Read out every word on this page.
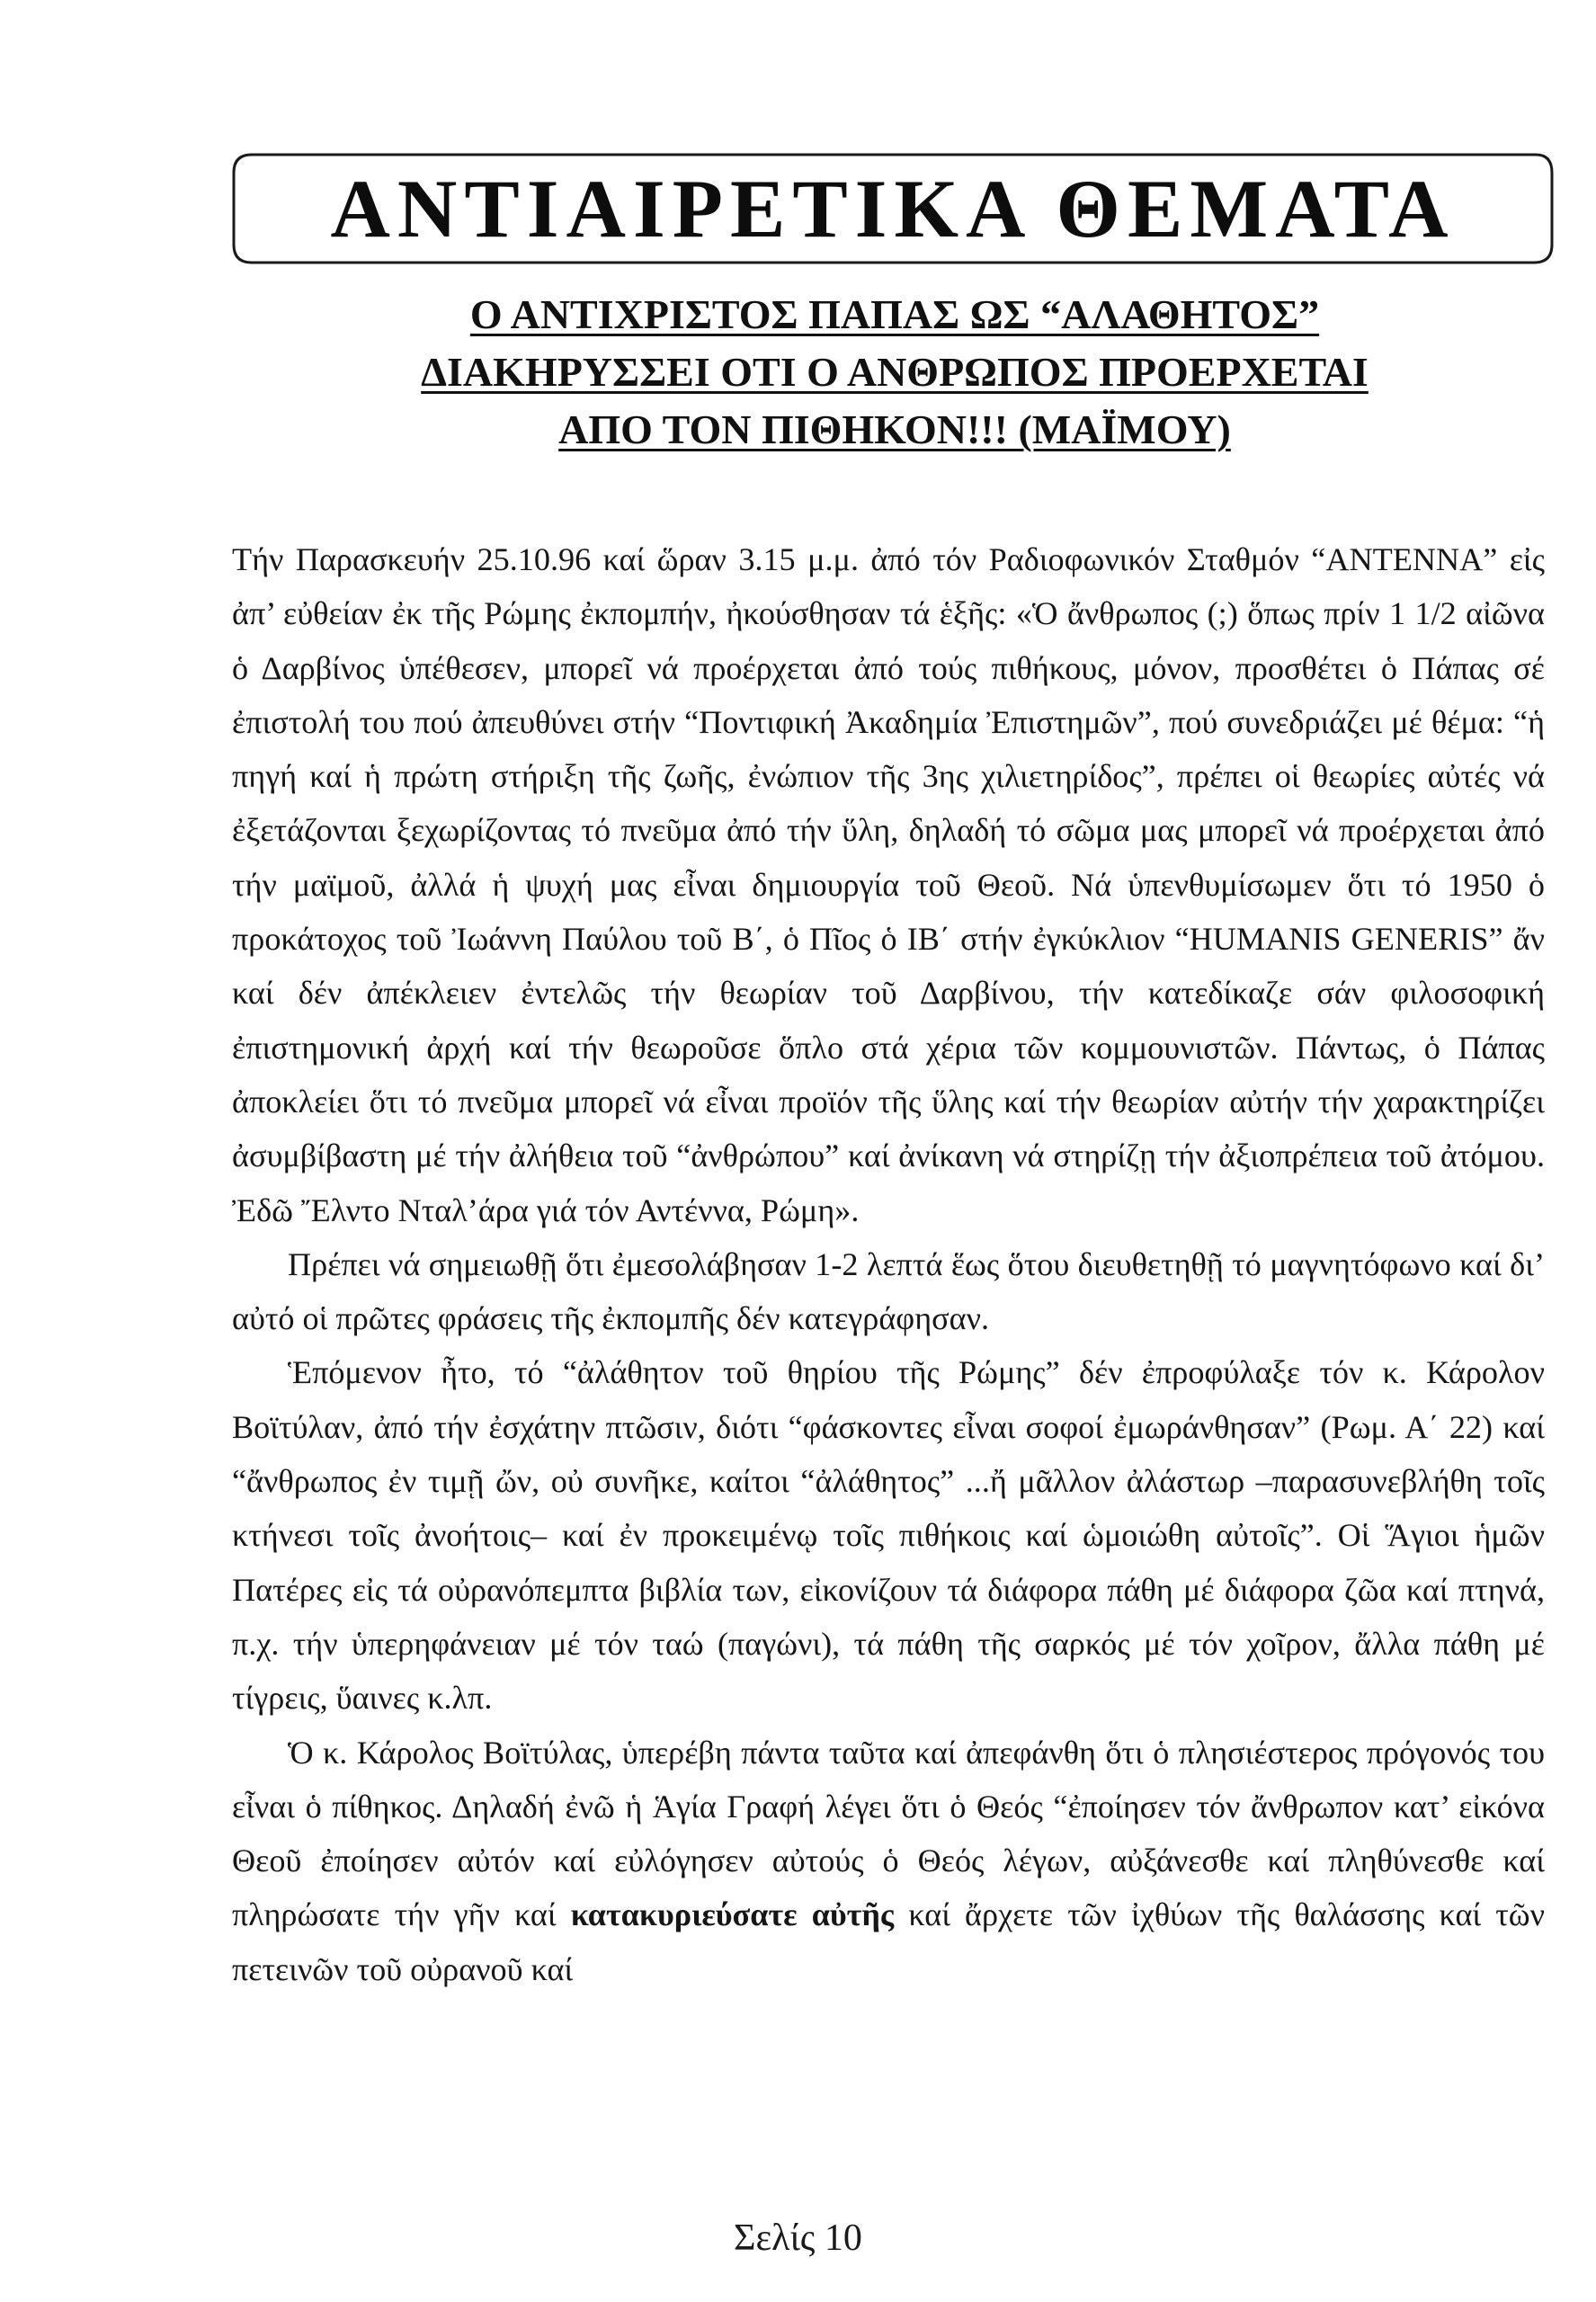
ΑΝΤΙΑΙΡΕΤΙΚΑ ΘΕΜΑΤΑ
Ο ΑΝΤΙΧΡΙΣΤΟΣ ΠΑΠΑΣ ΩΣ “ΑΛΑΘΗΤΟΣ”
ΔΙΑΚΗΡΥΣΣΕΙ ΟΤΙ Ο ΑΝΘΡΩΠΟΣ ΠΡΟΕΡΧΕΤΑΙ
ΑΠΟ ΤΟΝ ΠΙΘΗΚΟΝ!!! (ΜΑΪΜΟΥ)

Τήν Παρασκευήν 25.10.96 καί ὥραν 3.15 μ.μ. ἀπό τόν Ραδιοφωνικόν Σταθμόν “ΑΝΤΕΝΝΑ” εἰς ἀπ’ εὐθείαν ἐκ τῆς Ρώμης ἐκπομπήν, ἠκούσθησαν τά ἑξῆς: «Ὁ ἄνθρωπος (;) ὅπως πρίν 1 1/2 αἰῶνα ὁ Δαρβίνος ὑπέθεσεν, μπορεῖ νά προέρχεται ἀπό τούς πιθήκους, μόνον, προσθέτει ὁ Πάπας σέ ἐπιστολή του πού ἀπευθύνει στήν “Ποντιφική Ἀκαδημία Ἐπιστημῶν”, πού συνεδριάζει μέ θέμα: “ἡ πηγή καί ἡ πρώτη στήριξη τῆς ζωῆς, ἐνώπιον τῆς 3ης χιλιετηρίδος”, πρέπει οἱ θεωρίες αὐτές νά ἐξετάζονται ξεχωρίζοντας τό πνεῦμα ἀπό τήν ὕλη, δηλαδή τό σῶμα μας μπορεῖ νά προέρχεται ἀπό τήν μαϊμοῦ, ἀλλά ἡ ψυχή μας εἶναι δημιουργία τοῦ Θεοῦ. Νά ὑπενθυμίσωμεν ὅτι τό 1950 ὁ προκάτοχος τοῦ Ἰωάννη Παύλου τοῦ Β΄, ὁ Πῖος ὁ ΙΒ΄ στήν ἐγκύκλιον “HUMANIS GENERIS” ἄν καί δέν ἀπέκλειεν ἐντελῶς τήν θεωρίαν τοῦ Δαρβίνου, τήν κατεδίκαζε σάν φιλοσοφική ἐπιστημονική ἀρχή καί τήν θεωροῦσε ὅπλο στά χέρια τῶν κομμουνιστῶν. Πάντως, ὁ Πάπας ἀποκλείει ὅτι τό πνεῦμα μπορεῖ νά εἶναι προϊόν τῆς ὕλης καί τήν θεωρίαν αὐτήν τήν χαρακτηρίζει ἀσυμβίβαστη μέ τήν ἀλήθεια τοῦ “ἀνθρώπου” καί ἀνίκανη νά στηρίζῃ τήν ἀξιοπρέπεια τοῦ ἀτόμου. Ἐδῶ Ἔλντο Νταλ’άρα γιά τόν Αντέννα, Ρώμη».

Πρέπει νά σημειωθῇ ὅτι ἐμεσολάβησαν 1-2 λεπτά ἕως ὅτου διευθετηθῇ τό μαγνητόφωνο καί δι’ αὐτό οἱ πρῶτες φράσεις τῆς ἐκπομπῆς δέν κατεγράφησαν.

Ἑπόμενον ἦτο, τό “ἀλάθητον τοῦ θηρίου τῆς Ρώμης” δέν ἐπροφύλαξε τόν κ. Κάρολον Βοϊτύλαν, ἀπό τήν ἐσχάτην πτῶσιν, διότι “φάσκοντες εἶναι σοφοί ἐμωράνθησαν” (Ρωμ. Α΄ 22) καί “ἄνθρωπος ἐν τιμῇ ὤν, οὐ συνῆκε, καίτοι “ἀλάθητος” ...ἤ μᾶλλον ἀλάστωρ –παρασυνεβλήθη τοῖς κτήνεσι τοῖς ἀνοήτοις– καί ἐν προκειμένῳ τοῖς πιθήκοις καί ὡμοιώθη αὐτοῖς”. Οἱ Ἅγιοι ἡμῶν Πατέρες εἰς τά οὐρανόπεμπτα βιβλία των, εἰκονίζουν τά διάφορα πάθη μέ διάφορα ζῶα καί πτηνά, π.χ. τήν ὑπερηφάνειαν μέ τόν ταώ (παγώνι), τά πάθη τῆς σαρκός μέ τόν χοῖρον, ἄλλα πάθη μέ τίγρεις, ὕαινες κ.λπ.

Ὁ κ. Κάρολος Βοϊτύλας, ὑπερέβη πάντα ταῦτα καί ἀπεφάνθη ὅτι ὁ πλησιέστερος πρόγονός του εἶναι ὁ πίθηκος. Δηλαδή ἐνῶ ἡ Ἁγία Γραφή λέγει ὅτι ὁ Θεός “ἐποίησεν τόν ἄνθρωπον κατ’ εἰκόνα Θεοῦ ἐποίησεν αὐτόν καί εὐλόγησεν αὐτούς ὁ Θεός λέγων, αὐξάνεσθε καί πληθύνεσθε καί πληρώσατε τήν γῆν καί κατακυριεύσατε αὐτῆς καί ἄρχετε τῶν ἰχθύων τῆς θαλάσσης καί τῶν πετεινῶν τοῦ οὐρανοῦ καί

Σελίς 10
